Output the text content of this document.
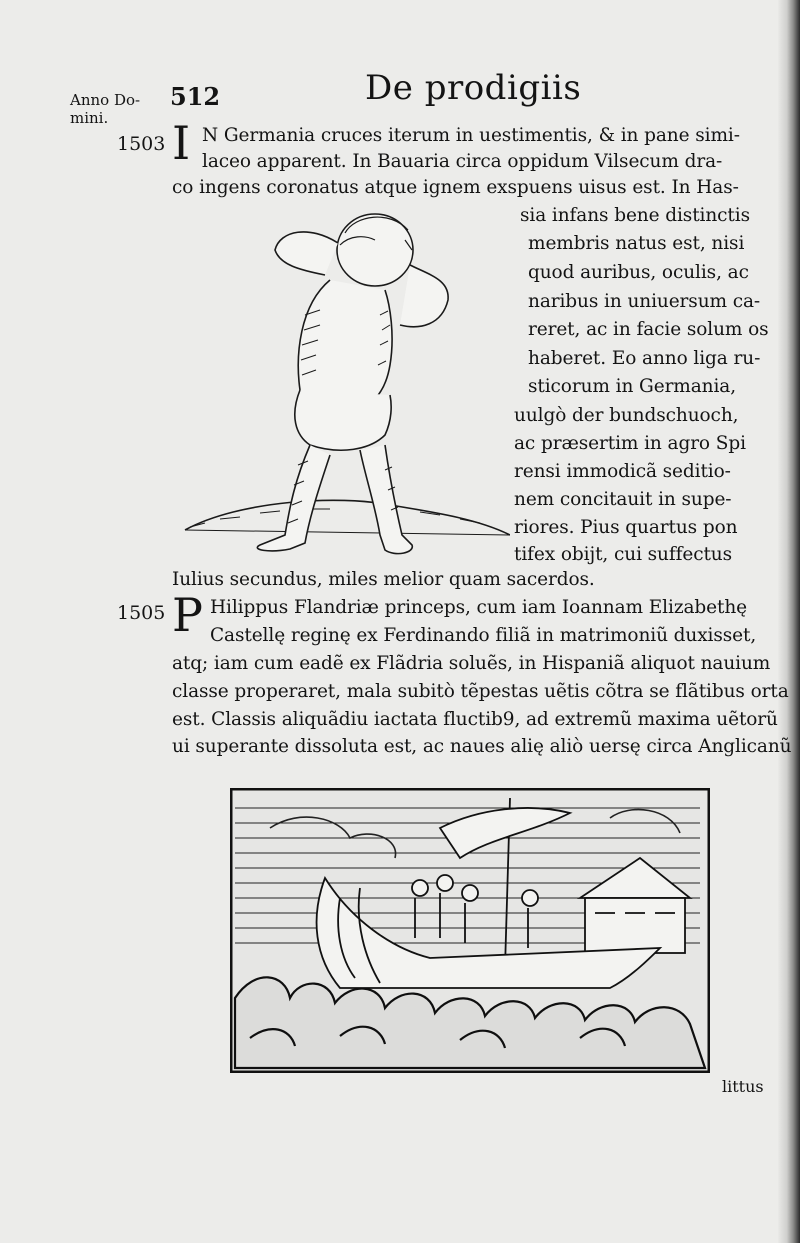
Anno Do-
mini.
512	De prodigiis
1503 I N Germania cruces iterum in uestimentis, & in pane simi-
laceo apparent. In Bauaria circa oppidum Vilsecum dra-
co ingens coronatus atque ignem exspuens uisus est. In Has-
sia infans bene distinctis
membris natus est, nisi
quod auribus, oculis, ac
naribus in uniuersum ca-
reret, ac in facie solum os
haberet. Eo anno liga ru-
sticorum in Germania,
uulgò der bundschuoch,
ac præsertim in agro Spi
rensi immodicã seditio-
nem concitauit in supe-
riores. Pius quartus pon
tifex obijt, cui suffectus
Iulius secundus, miles melior quam sacerdos.
1505 P Hilippus Flandriæ princeps, cum iam Ioannam Elizabethę
Castellę reginę ex Ferdinando filiã in matrimoniũ duxisset,
atq; iam cum eadẽ ex Flãdria soluẽs, in Hispaniã aliquot nauium
classe properaret, mala subitò tẽpestas uẽtis cõtra se flãtibus orta
est. Classis aliquãdiu iactata fluctib9, ad extremũ maxima uẽtorũ
ui superante dissoluta est, ac naues alię aliò uersę circa Anglicanũ
littus
